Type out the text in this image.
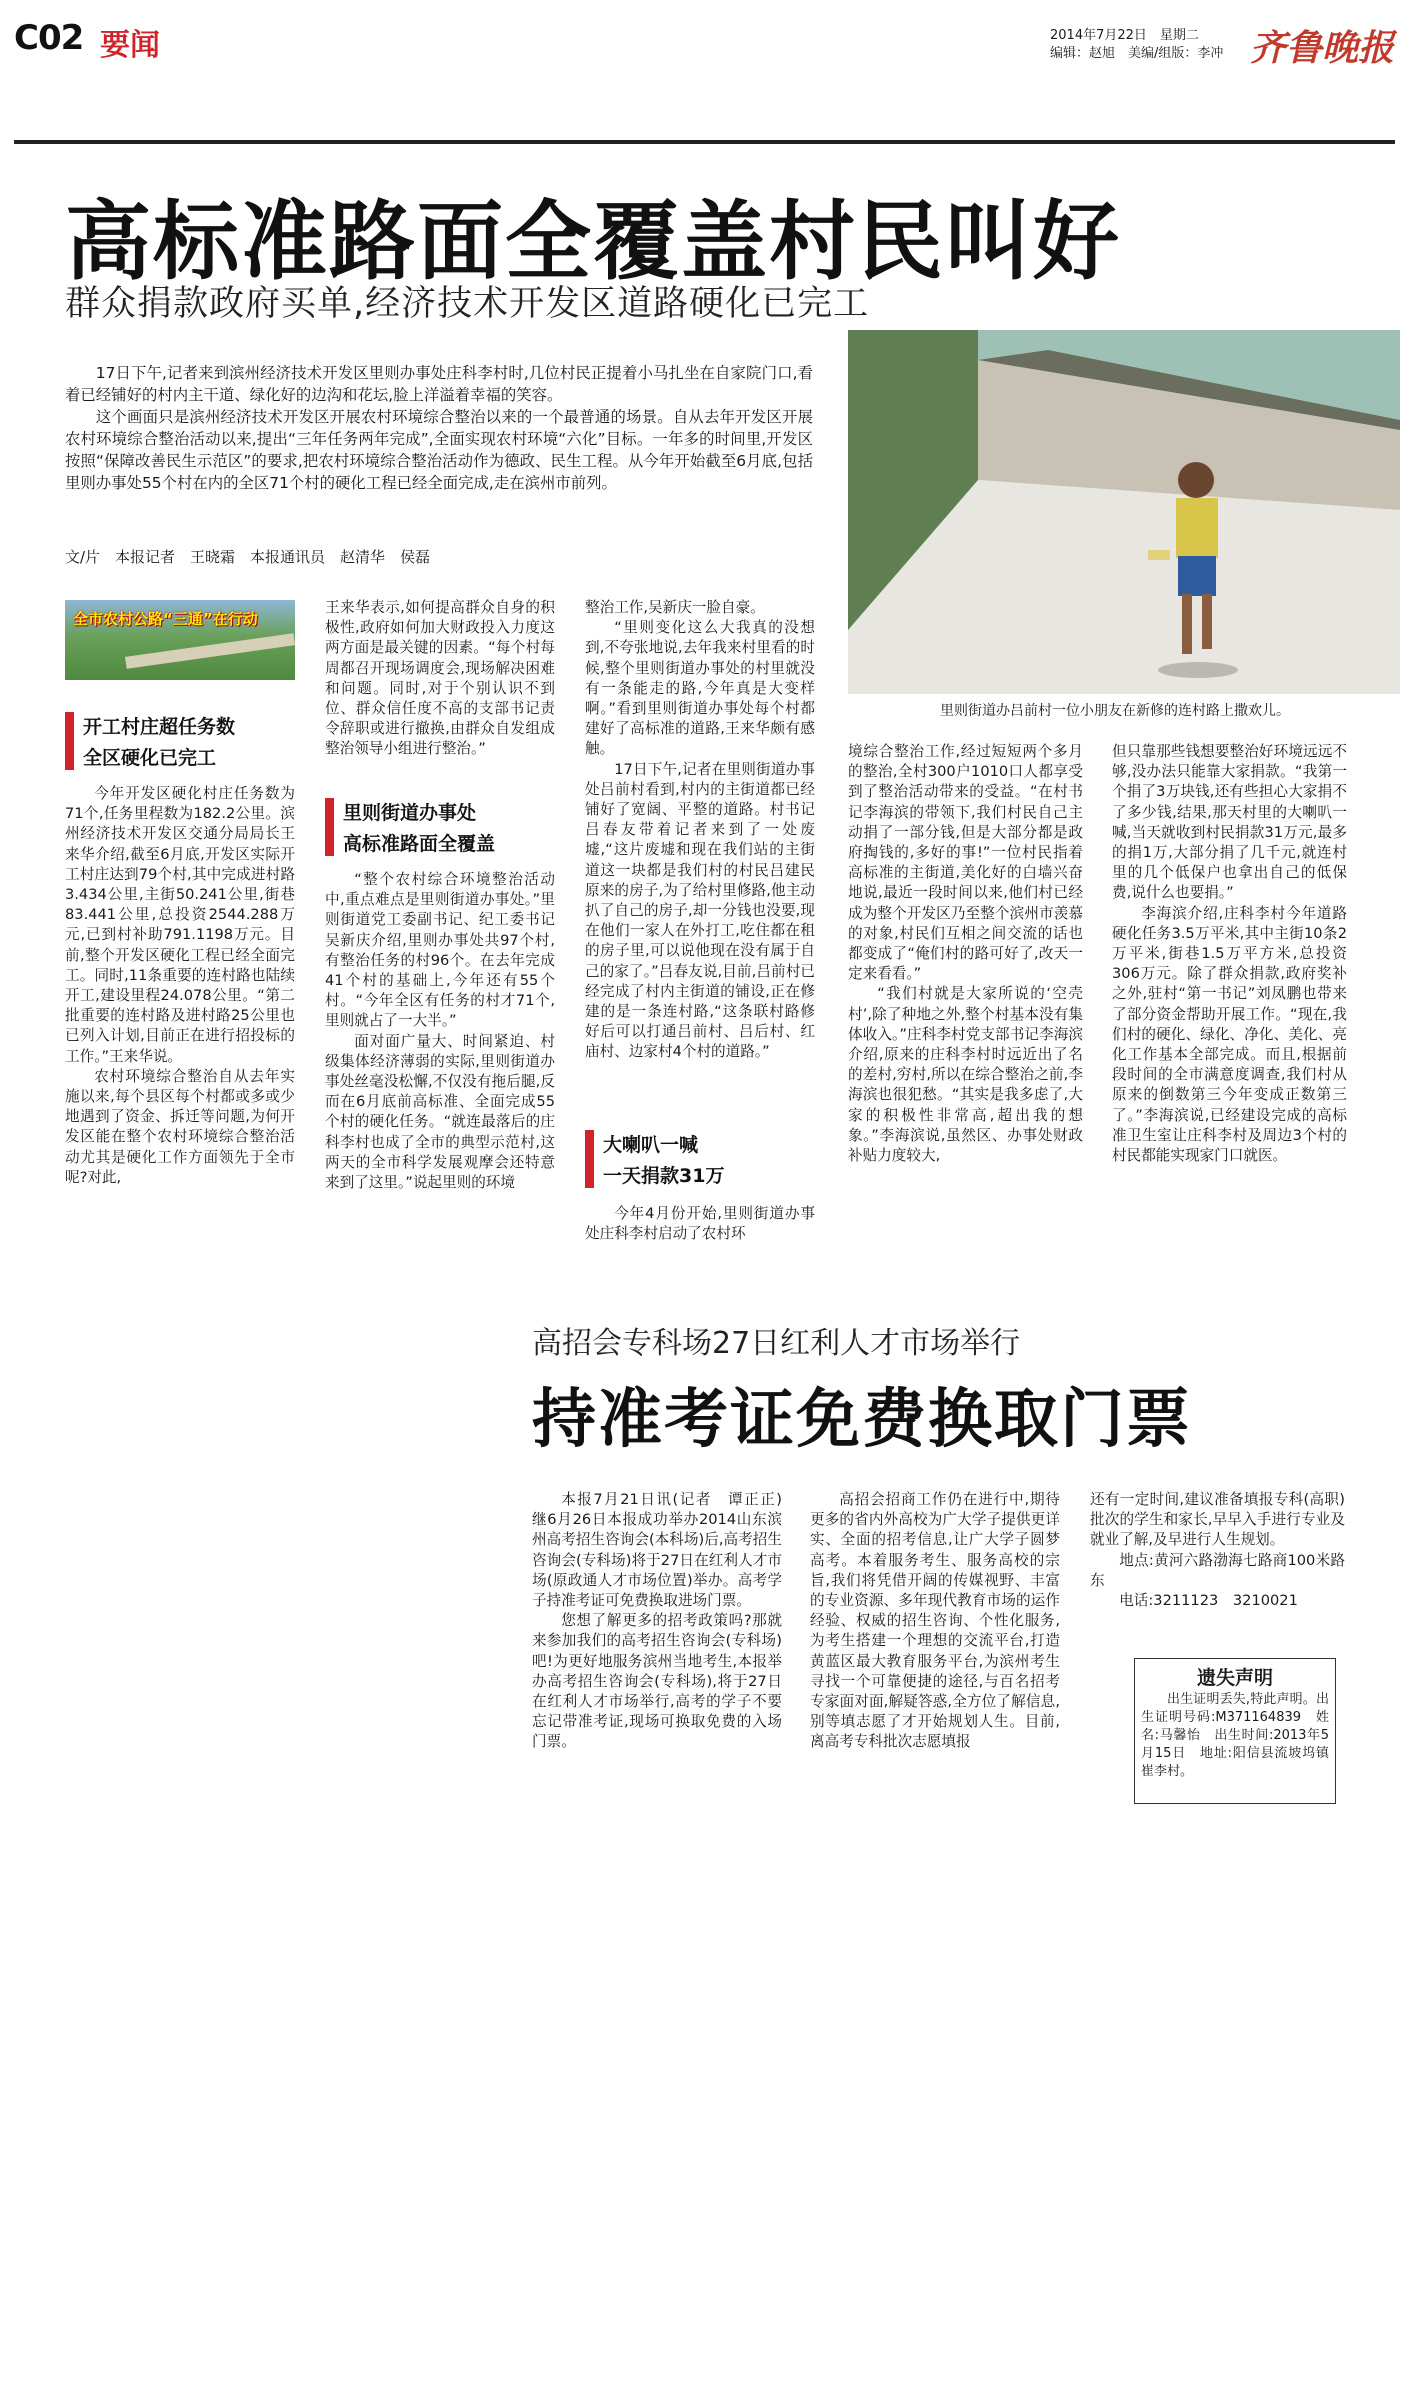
C02 要闻	2014年7月22日　星期二
编辑：赵旭　美编/组版：李冲 齐鲁晚报
高标准路面全覆盖村民叫好
群众捐款政府买单,经济技术开发区道路硬化已完工

17日下午,记者来到滨州经济技术开发区里则办事处庄科李村时,几位村民正提着小马扎坐在自家院门口,看着已经铺好的村内主干道、绿化好的边沟和花坛,脸上洋溢着幸福的笑容。

这个画面只是滨州经济技术开发区开展农村环境综合整治以来的一个最普通的场景。自从去年开发区开展农村环境综合整治活动以来,提出“三年任务两年完成”,全面实现农村环境“六化”目标。一年多的时间里,开发区按照“保障改善民生示范区”的要求,把农村环境综合整治活动作为德政、民生工程。从今年开始截至6月底,包括里则办事处55个村在内的全区71个村的硬化工程已经全面完成,走在滨州市前列。

文/片　本报记者　王晓霜　本报通讯员　赵清华　侯磊
里则街道办吕前村一位小朋友在新修的连村路上撒欢儿。
全市农村公路“三通”在行动
开工村庄超任务数
全区硬化已完工
里则街道办事处
高标准路面全覆盖
大喇叭一喊
一天捐款31万

今年开发区硬化村庄任务数为71个,任务里程数为182.2公里。滨州经济技术开发区交通分局局长王来华介绍,截至6月底,开发区实际开工村庄达到79个村,其中完成进村路3.434公里,主街50.241公里,街巷83.441公里,总投资2544.288万元,已到村补助791.1198万元。目前,整个开发区硬化工程已经全面完工。同时,11条重要的连村路也陆续开工,建设里程24.078公里。“第二批重要的连村路及进村路25公里也已列入计划,目前正在进行招投标的工作。”王来华说。

农村环境综合整治自从去年实施以来,每个县区每个村都或多或少地遇到了资金、拆迁等问题,为何开发区能在整个农村环境综合整治活动尤其是硬化工作方面领先于全市呢?对此,

王来华表示,如何提高群众自身的积极性,政府如何加大财政投入力度这两方面是最关键的因素。“每个村每周都召开现场调度会,现场解决困难和问题。同时,对于个别认识不到位、群众信任度不高的支部书记责令辞职或进行撤换,由群众自发组成整治领导小组进行整治。”

“整个农村综合环境整治活动中,重点难点是里则街道办事处。”里则街道党工委副书记、纪工委书记吴新庆介绍,里则办事处共97个村,有整治任务的村96个。在去年完成41个村的基础上,今年还有55个村。“今年全区有任务的村才71个,里则就占了一大半。”

面对面广量大、时间紧迫、村级集体经济薄弱的实际,里则街道办事处丝毫没松懈,不仅没有拖后腿,反而在6月底前高标准、全面完成55个村的硬化任务。“就连最落后的庄科李村也成了全市的典型示范村,这两天的全市科学发展观摩会还特意来到了这里。”说起里则的环境

整治工作,吴新庆一脸自豪。

“里则变化这么大我真的没想到,不夸张地说,去年我来村里看的时候,整个里则街道办事处的村里就没有一条能走的路,今年真是大变样啊。”看到里则街道办事处每个村都建好了高标准的道路,王来华颇有感触。

17日下午,记者在里则街道办事处吕前村看到,村内的主街道都已经铺好了宽阔、平整的道路。村书记吕春友带着记者来到了一处废墟,“这片废墟和现在我们站的主街道这一块都是我们村的村民吕建民原来的房子,为了给村里修路,他主动扒了自己的房子,却一分钱也没要,现在他们一家人在外打工,吃住都在租的房子里,可以说他现在没有属于自己的家了。”吕春友说,目前,吕前村已经完成了村内主街道的铺设,正在修建的是一条连村路,“这条联村路修好后可以打通吕前村、吕后村、红庙村、边家村4个村的道路。”

今年4月份开始,里则街道办事处庄科李村启动了农村环

境综合整治工作,经过短短两个多月的整治,全村300户1010口人都享受到了整治活动带来的受益。“在村书记李海滨的带领下,我们村民自己主动捐了一部分钱,但是大部分都是政府掏钱的,多好的事!”一位村民指着高标准的主街道,美化好的白墙兴奋地说,最近一段时间以来,他们村已经成为整个开发区乃至整个滨州市羡慕的对象,村民们互相之间交流的话也都变成了“俺们村的路可好了,改天一定来看看。”

“我们村就是大家所说的‘空壳村’,除了种地之外,整个村基本没有集体收入。”庄科李村党支部书记李海滨介绍,原来的庄科李村时远近出了名的差村,穷村,所以在综合整治之前,李海滨也很犯愁。“其实是我多虑了,大家的积极性非常高,超出我的想象。”李海滨说,虽然区、办事处财政补贴力度较大,

但只靠那些钱想要整治好环境远远不够,没办法只能靠大家捐款。“我第一个捐了3万块钱,还有些担心大家捐不了多少钱,结果,那天村里的大喇叭一喊,当天就收到村民捐款31万元,最多的捐1万,大部分捐了几千元,就连村里的几个低保户也拿出自己的低保费,说什么也要捐。”

李海滨介绍,庄科李村今年道路硬化任务3.5万平米,其中主街10条2万平米,街巷1.5万平方米,总投资306万元。除了群众捐款,政府奖补之外,驻村“第一书记”刘凤鹏也带来了部分资金帮助开展工作。“现在,我们村的硬化、绿化、净化、美化、亮化工作基本全部完成。而且,根据前段时间的全市满意度调查,我们村从原来的倒数第三今年变成正数第三了。”李海滨说,已经建设完成的高标准卫生室让庄科李村及周边3个村的村民都能实现家门口就医。

高招会专科场27日红利人才市场举行
持准考证免费换取门票

本报7月21日讯(记者　谭正正)　继6月26日本报成功举办2014山东滨州高考招生咨询会(本科场)后,高考招生咨询会(专科场)将于27日在红利人才市场(原政通人才市场位置)举办。高考学子持准考证可免费换取进场门票。

您想了解更多的招考政策吗?那就来参加我们的高考招生咨询会(专科场)吧!为更好地服务滨州当地考生,本报举办高考招生咨询会(专科场),将于27日在红利人才市场举行,高考的学子不要忘记带准考证,现场可换取免费的入场门票。

高招会招商工作仍在进行中,期待更多的省内外高校为广大学子提供更详实、全面的招考信息,让广大学子圆梦高考。本着服务考生、服务高校的宗旨,我们将凭借开阔的传媒视野、丰富的专业资源、多年现代教育市场的运作经验、权威的招生咨询、个性化服务,为考生搭建一个理想的交流平台,打造黄蓝区最大教育服务平台,为滨州考生寻找一个可靠便捷的途径,与百名招考专家面对面,解疑答惑,全方位了解信息,别等填志愿了才开始规划人生。目前,离高考专科批次志愿填报

还有一定时间,建议准备填报专科(高职)批次的学生和家长,早早入手进行专业及就业了解,及早进行人生规划。

地点:黄河六路渤海七路商100米路东

电话:3211123　3210021

遗失声明
出生证明丢失,特此声明。出生证明号码:M371164839　姓名:马馨怡　出生时间:2013年5月15日　地址:阳信县流坡坞镇崔李村。
